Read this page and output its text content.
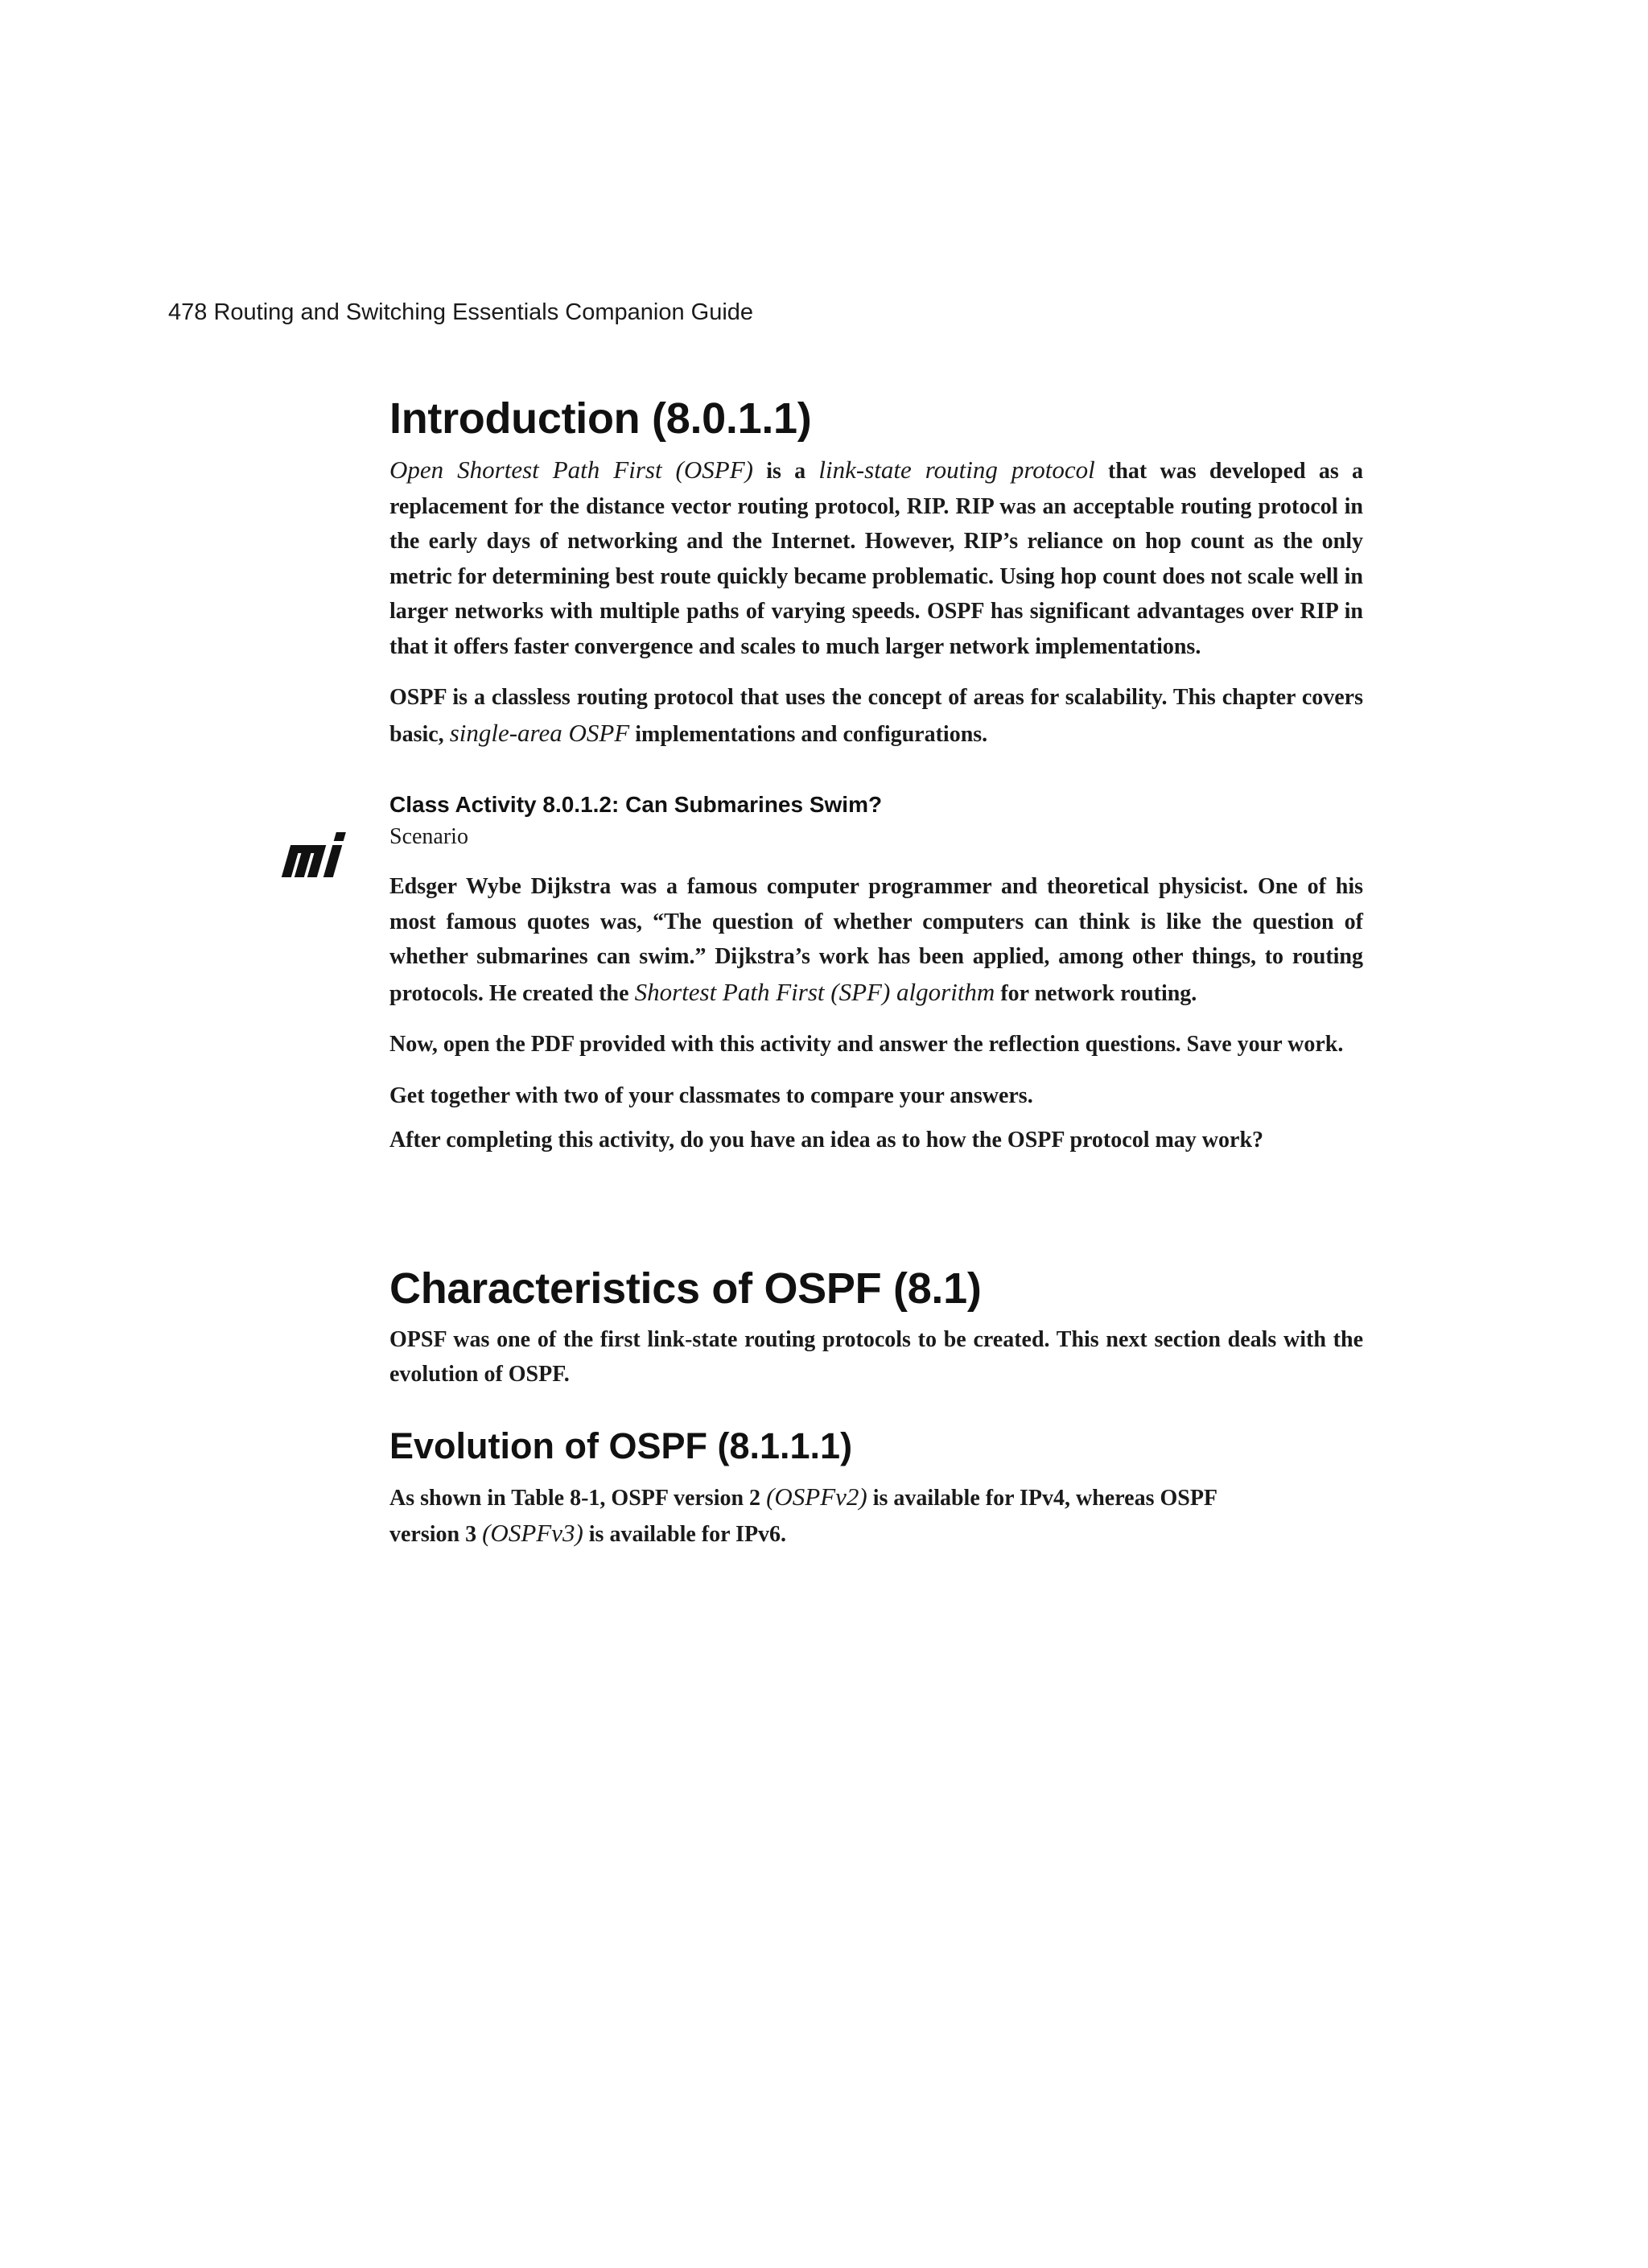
478 Routing and Switching Essentials Companion Guide
Introduction (8.0.1.1)

Open Shortest Path First (OSPF) is a link-state routing protocol that was developed as a replacement for the distance vector routing protocol, RIP. RIP was an acceptable routing protocol in the early days of networking and the Internet. However, RIP’s reliance on hop count as the only metric for determining best route quickly became problematic. Using hop count does not scale well in larger networks with multiple paths of varying speeds. OSPF has significant advantages over RIP in that it offers faster convergence and scales to much larger network implementations.

OSPF is a classless routing protocol that uses the concept of areas for scalability. This chapter covers basic, single-area OSPF implementations and configurations.

Class Activity 8.0.1.2: Can Submarines Swim?
Scenario

Edsger Wybe Dijkstra was a famous computer programmer and theoretical physicist. One of his most famous quotes was, “The question of whether computers can think is like the question of whether submarines can swim.” Dijkstra’s work has been applied, among other things, to routing protocols. He created the Shortest Path First (SPF) algorithm for network routing.

Now, open the PDF provided with this activity and answer the reflection questions. Save your work.

Get together with two of your classmates to compare your answers.

After completing this activity, do you have an idea as to how the OSPF protocol may work?

Characteristics of OSPF (8.1)

OPSF was one of the first link-state routing protocols to be created. This next section deals with the evolution of OSPF.

Evolution of OSPF (8.1.1.1)

As shown in Table 8-1, OSPF version 2 (OSPFv2) is available for IPv4, whereas OSPF
version 3 (OSPFv3) is available for IPv6.
